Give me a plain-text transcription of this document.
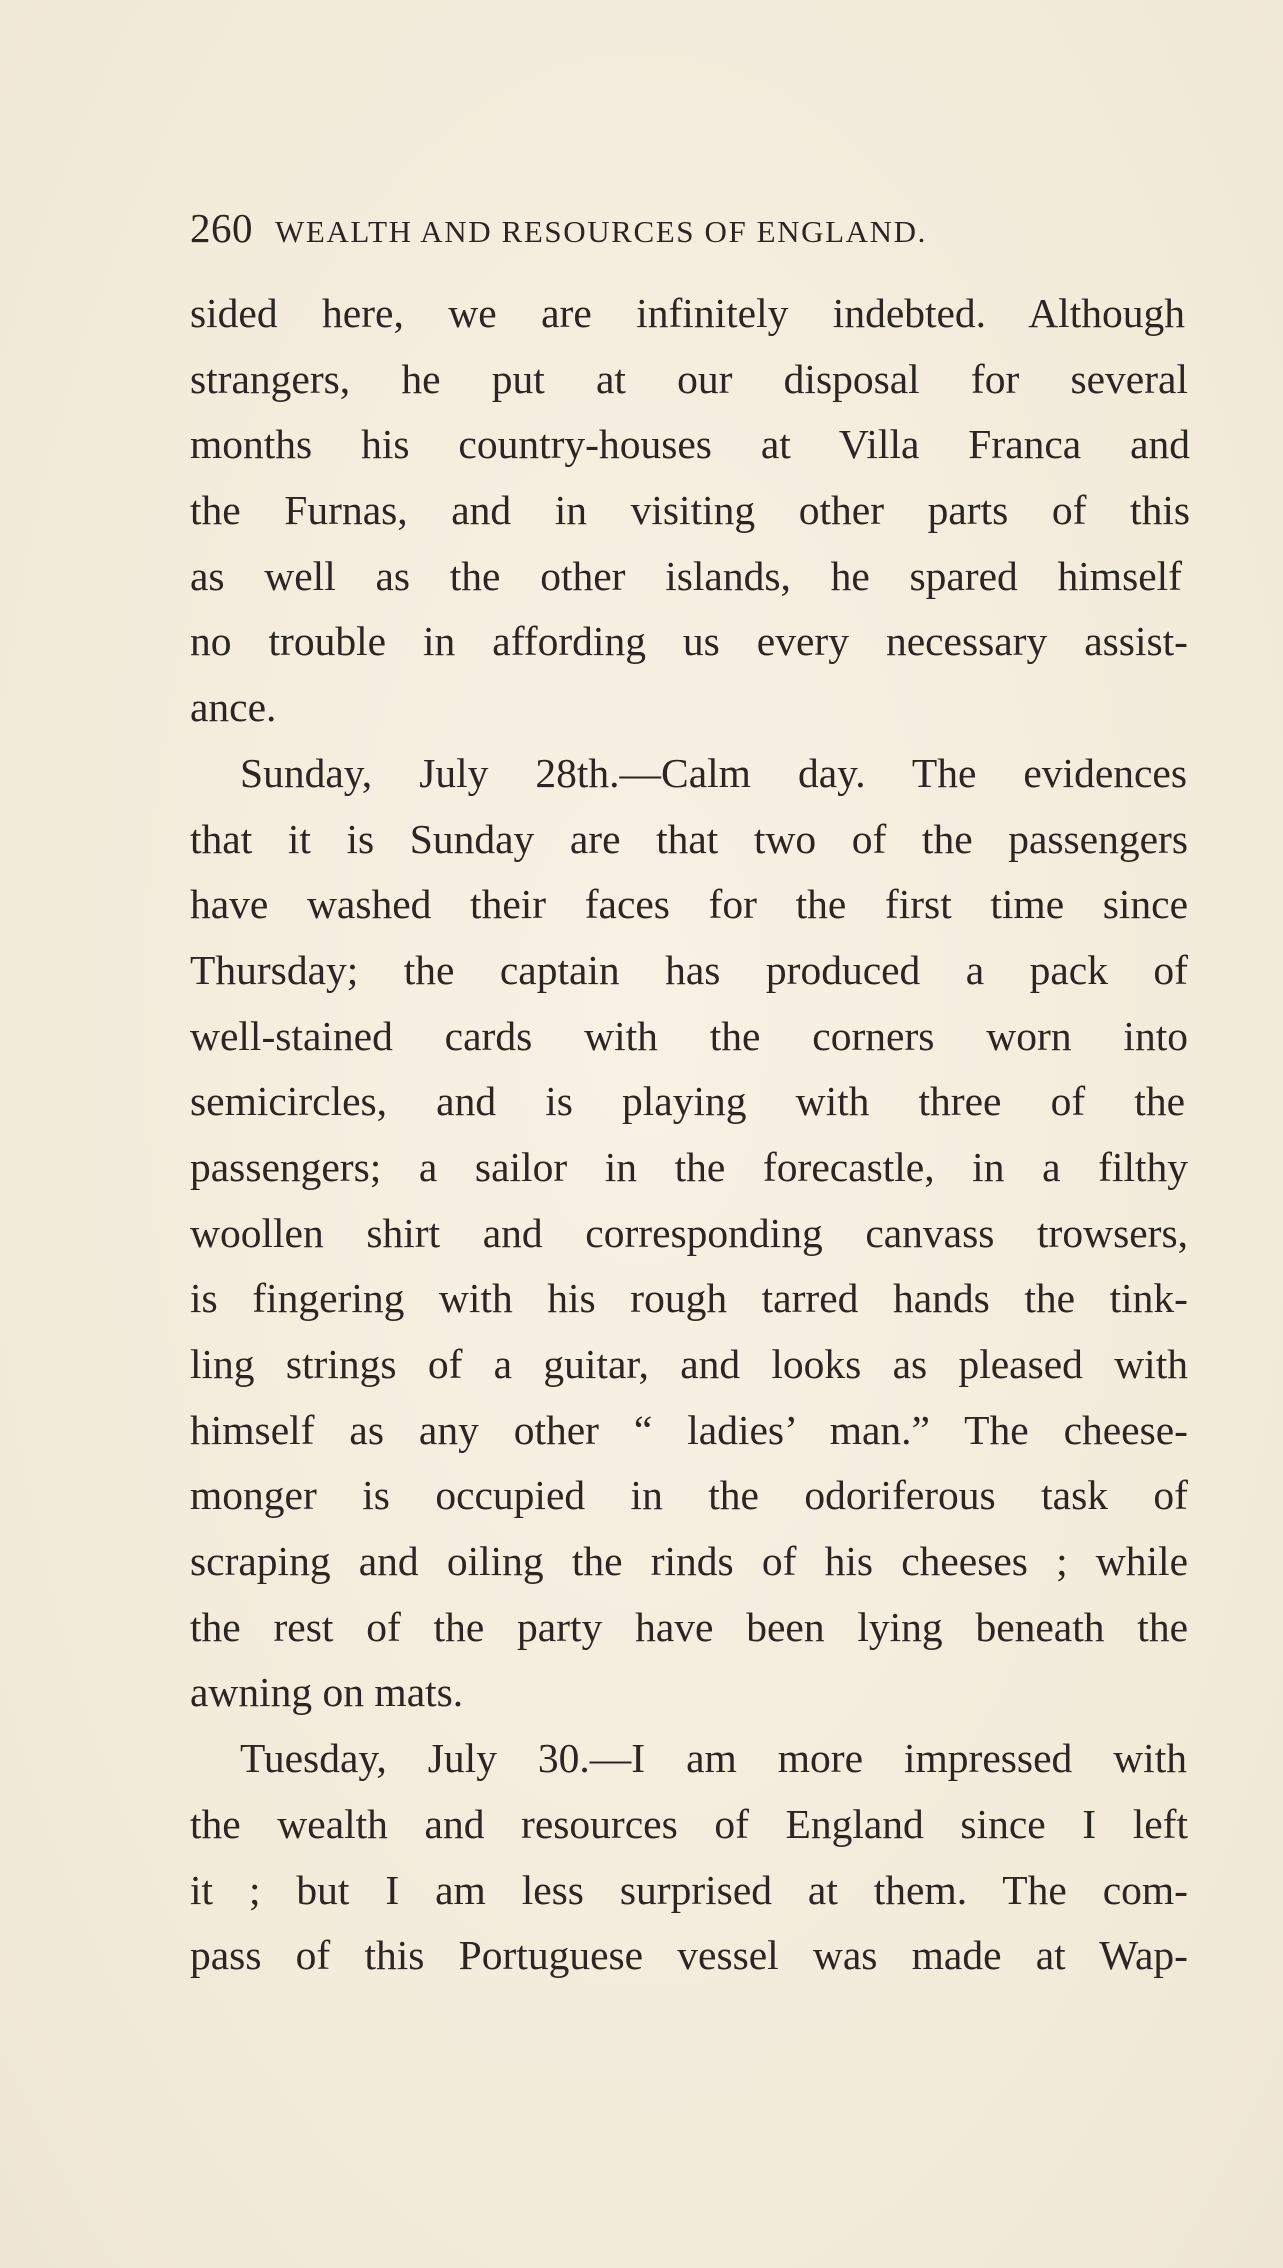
260 WEALTH AND RESOURCES OF ENGLAND.
sided here, we are infinitely indebted. Although
strangers, he put at our disposal for several
months his country-houses at Villa Franca and
the Furnas, and in visiting other parts of this
as well as the other islands, he spared himself
no trouble in affording us every necessary assist-
ance.
Sunday, July 28th.—Calm day. The evidences
that it is Sunday are that two of the passengers
have washed their faces for the first time since
Thursday; the captain has produced a pack of
well-stained cards with the corners worn into
semicircles, and is playing with three of the
passengers; a sailor in the forecastle, in a filthy
woollen shirt and corresponding canvass trowsers,
is fingering with his rough tarred hands the tink-
ling strings of a guitar, and looks as pleased with
himself as any other “ ladies’ man.” The cheese-
monger is occupied in the odoriferous task of
scraping and oiling the rinds of his cheeses ; while
the rest of the party have been lying beneath the
awning on mats.
Tuesday, July 30.—I am more impressed with
the wealth and resources of England since I left
it ; but I am less surprised at them. The com-
pass of this Portuguese vessel was made at Wap-
